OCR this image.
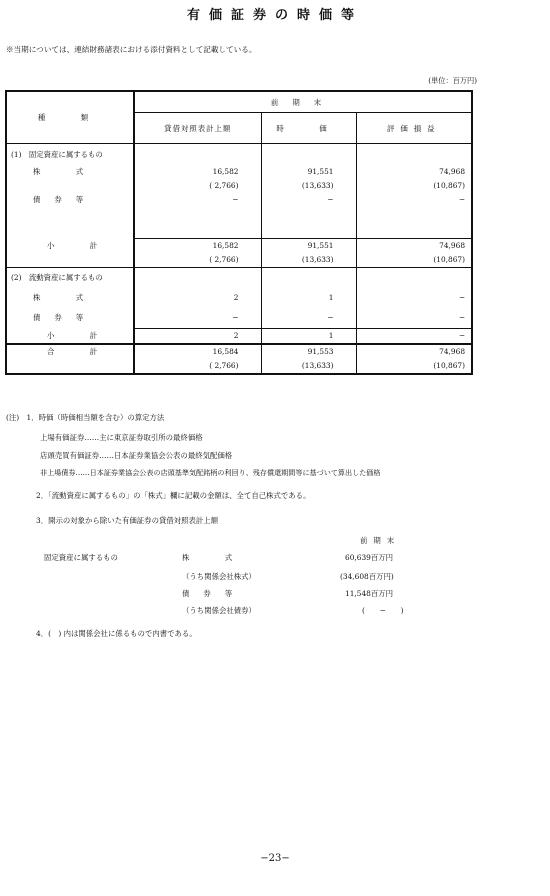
有価証券の時価等
※当期については、連結財務諸表における添付資料として記載している。
(単位：百万円)
種　類	前期末		
	貸借対照表計上額	時　価	評価損益
(1)　固定資産に属するもの			
株　式	16,582	91,551	74,968
	( 2,766)	(13,633)	(10,867)
債券等	−	−	−

小　計	16,582	91,551	74,968
	( 2,766)	(13,633)	(10,867)
(2)　流動資産に属するもの			
株　式	2	1	−
債券等	−	−	−
小　計	2	1	−
合　計	16,584	91,553	74,968
	( 2,766)	(13,633)	(10,867)
(注)　1．時価（時価相当額を含む）の算定方法
上場有価証券……主に東京証券取引所の最終価格
店頭売買有価証券……日本証券業協会公表の最終気配価格
非上場債券……日本証券業協会公表の店頭基準気配銘柄の利回り、残存償還期間等に基づいて算出した価格
2．「流動資産に属するもの」の「株式」欄に記載の金額は、全て自己株式である。
3．開示の対象から除いた有価証券の貸借対照表計上額
前期末
固定資産に属するもの	株　式	60,639百万円
（うち関係会社株式）	(34,608百万円)
債券等	11,548百万円
（うち関係会社債券）	(　　−　　)
4．(　) 内は関係会社に係るもので内書である。
−23−
